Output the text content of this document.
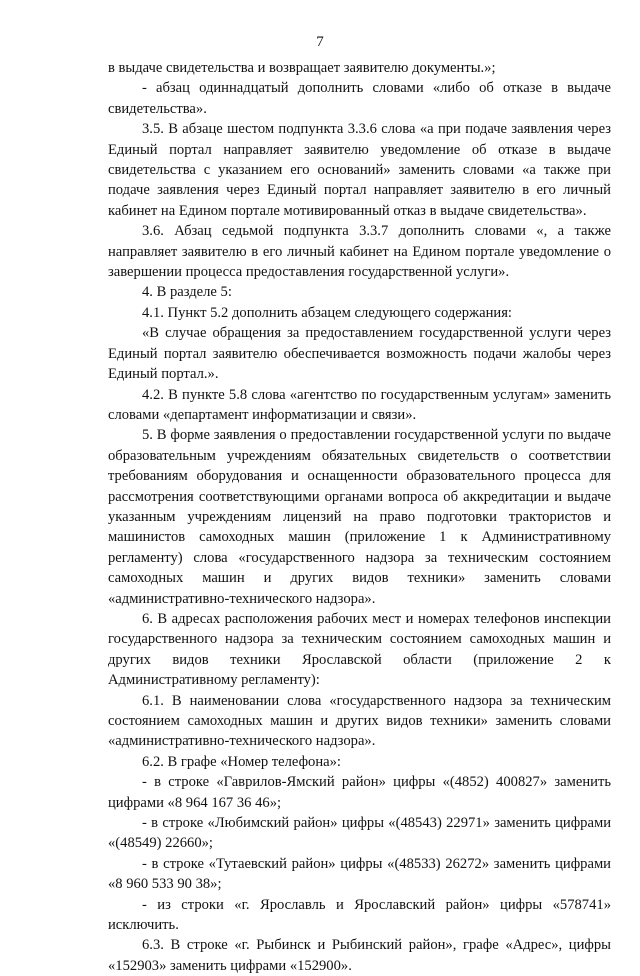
7

в выдаче свидетельства и возвращает заявителю документы.»;

- абзац одиннадцатый дополнить словами «либо об отказе в выдаче свидетельства».

3.5. В абзаце шестом подпункта 3.3.6 слова «а при подаче заявления через Единый портал направляет заявителю уведомление об отказе в выдаче свидетельства с указанием его оснований» заменить словами «а также при подаче заявления через Единый портал направляет заявителю в его личный кабинет на Едином портале мотивированный отказ в выдаче свидетельства».

3.6. Абзац седьмой подпункта 3.3.7 дополнить словами «, а также направляет заявителю в его личный кабинет на Едином портале уведомление о завершении процесса предоставления государственной услуги».

4. В разделе 5:

4.1. Пункт 5.2 дополнить абзацем следующего содержания:

«В случае обращения за предоставлением государственной услуги через Единый портал заявителю обеспечивается возможность подачи жалобы через Единый портал.».

4.2. В пункте 5.8 слова «агентство по государственным услугам» заменить словами «департамент информатизации и связи».

5. В форме заявления о предоставлении государственной услуги по выдаче образовательным учреждениям обязательных свидетельств о соответствии требованиям оборудования и оснащенности образовательного процесса для рассмотрения соответствующими органами вопроса об аккредитации и выдаче указанным учреждениям лицензий на право подготовки трактористов и машинистов самоходных машин (приложение 1 к Административному регламенту) слова «государственного надзора за техническим состоянием самоходных машин и других видов техники» заменить словами «административно-технического надзора».

6. В адресах расположения рабочих мест и номерах телефонов инспекции государственного надзора за техническим состоянием самоходных машин и других видов техники Ярославской области (приложение 2 к Административному регламенту):

6.1. В наименовании слова «государственного надзора за техническим состоянием самоходных машин и других видов техники» заменить словами «административно-технического надзора».

6.2. В графе «Номер телефона»:

- в строке «Гаврилов-Ямский район» цифры «(4852) 400827» заменить цифрами «8 964 167 36 46»;

- в строке «Любимский район» цифры «(48543) 22971» заменить цифрами «(48549) 22660»;

- в строке «Тутаевский район» цифры «(48533) 26272» заменить цифрами «8 960 533 90 38»;

- из строки «г. Ярославль и Ярославский район» цифры «578741» исключить.

6.3. В строке «г. Рыбинск и Рыбинский район», графе «Адрес», цифры «152903» заменить цифрами «152900».
